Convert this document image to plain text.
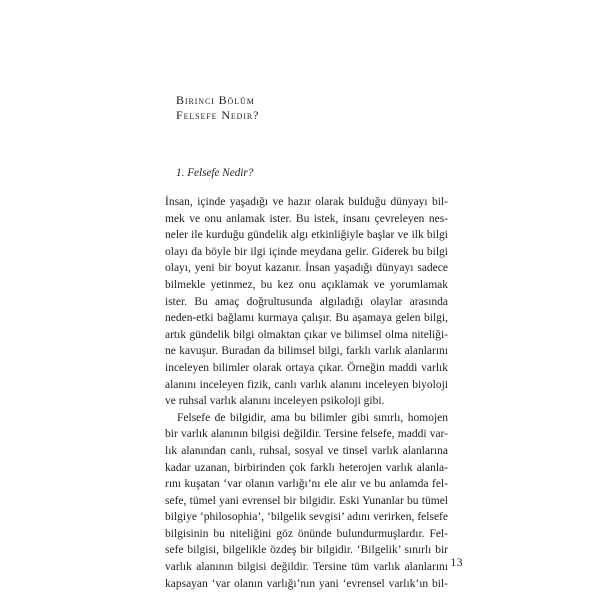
Birinci Bölüm
Felsefe Nedir?
1. Felsefe Nedir?
İnsan, içinde yaşadığı ve hazır olarak bulduğu dünyayı bil-
mek ve onu anlamak ister. Bu istek, insanı çevreleyen nes-
neler ile kurduğu gündelik algı etkinliğiyle başlar ve ilk bilgi
olayı da böyle bir ilgi içinde meydana gelir. Giderek bu bilgi
olayı, yeni bir boyut kazanır. İnsan yaşadığı dünyayı sadece
bilmekle yetinmez, bu kez onu açıklamak ve yorumlamak
ister. Bu amaç doğrultusunda algıladığı olaylar arasında
neden-etki bağlamı kurmaya çalışır. Bu aşamaya gelen bilgi,
artık gündelik bilgi olmaktan çıkar ve bilimsel olma niteliği-
ne kavuşur. Buradan da bilimsel bilgi, farklı varlık alanlarını
inceleyen bilimler olarak ortaya çıkar. Örneğin maddi varlık
alanını inceleyen fizik, canlı varlık alanını inceleyen biyoloji
ve ruhsal varlık alanını inceleyen psikoloji gibi.
Felsefe de bilgidir, ama bu bilimler gibi sınırlı, homojen
bir varlık alanının bilgisi değildir. Tersine felsefe, maddi var-
lık alanından canlı, ruhsal, sosyal ve tinsel varlık alanlarına
kadar uzanan, birbirinden çok farklı heterojen varlık alanla-
rını kuşatan ‘var olanın varlığı’nı ele alır ve bu anlamda fel-
sefe, tümel yani evrensel bir bilgidir. Eski Yunanlar bu tümel
bilgiye ‘philosophia’, ‘bilgelik sevgisi’ adını verirken, felsefe
bilgisinin bu niteliğini göz önünde bulundurmuşlardır. Fel-
sefe bilgisi, bilgelikle özdeş bir bilgidir. ‘Bilgelik’ sınırlı bir
varlık alanının bilgisi değildir. Tersine tüm varlık alanlarını
kapsayan ‘var olanın varlığı’nın yani ‘evrensel varlık’ın bil-
13
